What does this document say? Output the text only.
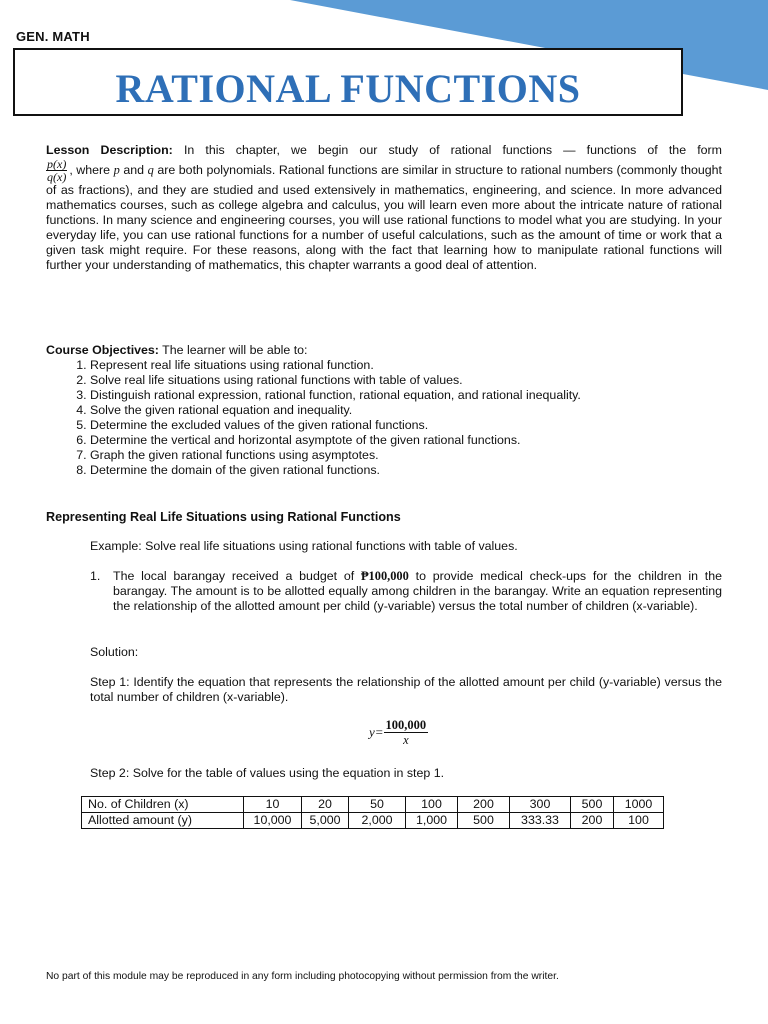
GEN. MATH
RATIONAL FUNCTIONS
Lesson Description: In this chapter, we begin our study of rational functions — functions of the form
$\frac{p(x)}{q(x)}$ , where p and q are both polynomials. Rational functions are similar in structure to rational numbers (commonly thought of as fractions), and they are studied and used extensively in mathematics, engineering, and science. In more advanced mathematics courses, such as college algebra and calculus, you will learn even more about the intricate nature of rational functions. In many science and engineering courses, you will use rational functions to model what you are studying. In your everyday life, you can use rational functions for a number of useful calculations, such as the amount of time or work that a given task might require. For these reasons, along with the fact that learning how to manipulate rational functions will further your understanding of mathematics, this chapter warrants a good deal of attention.
Course Objectives: The learner will be able to:
1. Represent real life situations using rational function.
2. Solve real life situations using rational functions with table of values.
3. Distinguish rational expression, rational function, rational equation, and rational inequality.
4. Solve the given rational equation and inequality.
5. Determine the excluded values of the given rational functions.
6. Determine the vertical and horizontal asymptote of the given rational functions.
7. Graph the given rational functions using asymptotes.
8. Determine the domain of the given rational functions.
Representing Real Life Situations using Rational Functions
Example: Solve real life situations using rational functions with table of values.
1. The local barangay received a budget of ₱100,000 to provide medical check-ups for the children in the barangay. The amount is to be allotted equally among children in the barangay. Write an equation representing the relationship of the allotted amount per child (y-variable) versus the total number of children (x-variable).
Solution:
Step 1: Identify the equation that represents the relationship of the allotted amount per child (y-variable) versus the total number of children (x-variable).
$y= \frac{100,000}{x}$
Step 2: Solve for the table of values using the equation in step 1.
No. of Children (x)	10	20	50	100	200	300	500	1000
Allotted amount (y)	10,000	5,000	2,000	1,000	500	333.33	200	100
No part of this module may be reproduced in any form including photocopying without permission from the writer.
